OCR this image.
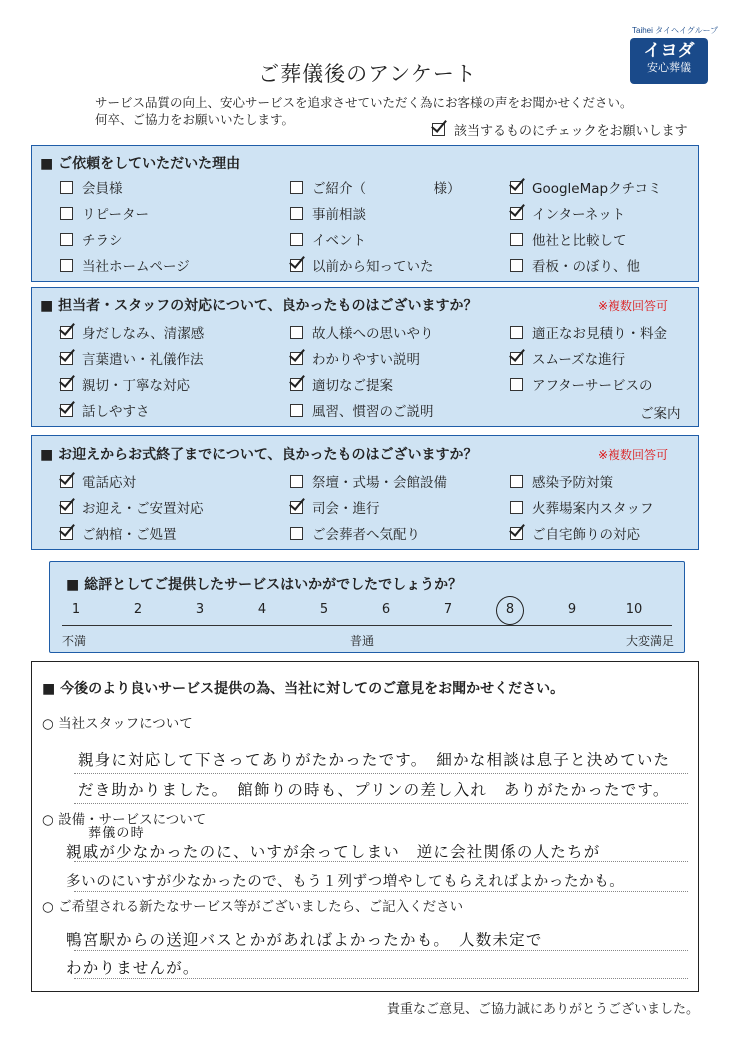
Taihei タイヘイグループ
イヨダ
安心葬儀
ご葬儀後のアンケート
サービス品質の向上、安心サービスを追求させていただく為にお客様の声をお聞かせください。
何卒、ご協力をお願いいたします。
該当するものにチェックをお願いします
■ ご依頼をしていただいた理由
会員様	ご紹介（　　　　　様）	GoogleMapクチコミ
リピーター	事前相談	インターネット
チラシ	イベント	他社と比較して
当社ホームページ	以前から知っていた	看板・のぼり、他
■ 担当者・スタッフの対応について、良かったものはございますか？	※複数回答可
身だしなみ、清潔感	故人様への思いやり	適正なお見積り・料金
言葉遣い・礼儀作法	わかりやすい説明	スムーズな進行
親切・丁寧な対応	適切なご提案	アフターサービスの
話しやすさ	風習、慣習のご説明	ご案内
■ お迎えからお式終了までについて、良かったものはございますか？	※複数回答可
電話応対	祭壇・式場・会館設備	感染予防対策
お迎え・ご安置対応	司会・進行	火葬場案内スタッフ
ご納棺・ご処置	ご会葬者へ気配り	ご自宅飾りの対応
■ 総評としてご提供したサービスはいかがでしたでしょうか？
1	2	3	4	5	6	7	8	9	10
不満	普通	大変満足
■ 今後のより良いサービス提供の為、当社に対してのご意見をお聞かせください。
○ 当社スタッフについて
親身に対応して下さってありがたかったです。　細かな相談は息子と決めていた
だき助かりました。　館飾りの時も、プリンの差し入れ　ありがたかったです。
○ 設備・サービスについて
葬儀の時
親戚が少なかったのに、いすが余ってしまい　逆に会社関係の人たちが
多いのにいすが少なかったので、もう１列ずつ増やしてもらえればよかったかも。
○ ご希望される新たなサービス等がございましたら、ご記入ください
鴨宮駅からの送迎バスとかがあればよかったかも。　人数未定で
わかりませんが。
貴重なご意見、ご協力誠にありがとうございました。
